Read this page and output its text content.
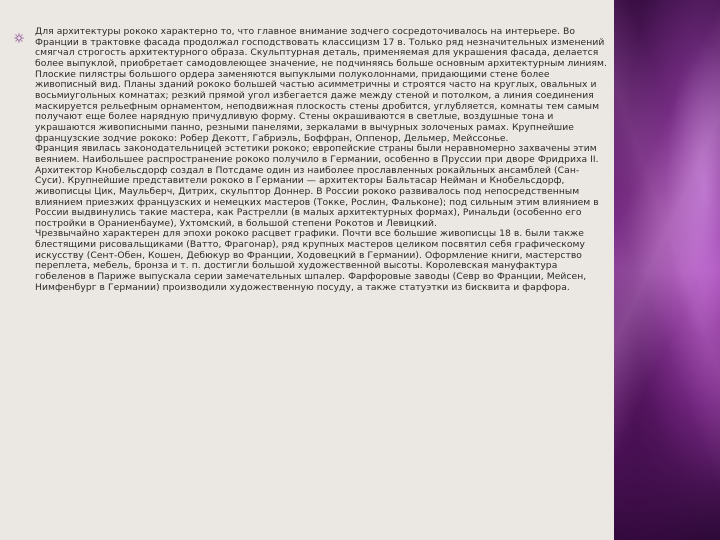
Для архитектуры рококо характерно то, что главное внимание зодчего сосредоточивалось на интерьере. Во Франции в трактовке фасада продолжал господствовать классицизм 17 в. Только ряд незначительных изменений смягчал строгость архитектурного образа. Скульптурная деталь, применяемая для украшения фасада, делается более выпуклой, приобретает самодовлеющее значение, не подчиняясь больше основным архитектурным линиям. Плоские пилястры большого ордера заменяются выпуклыми полуколоннами, придающими стене более живописный вид. Планы зданий рококо большей частью асимметричны и строятся часто на круглых, овальных и восьмиугольных комнатах; резкий прямой угол избегается даже между стеной и потолком, а линия соединения маскируется рельефным орнаментом, неподвижная плоскость стены дробится, углубляется, комнаты тем самым получают еще более нарядную причудливую форму. Стены окрашиваются в светлые, воздушные тона и украшаются живописными панно, резными панелями, зеркалами в вычурных золоченых рамах. Крупнейшие французские зодчие рококо: Робер Декотт, Габриэль, Боффран, Оппенор, Дельмер, Мейссонье.

Франция явилась законодательницей эстетики рококо; европейские страны были неравномерно захвачены этим веянием. Наибольшее распространение рококо получило в Германии, особенно в Пруссии при дворе Фридриха II. Архитектор Кнобельсдорф создал в Потсдаме один из наиболее прославленных рокайльных ансамблей (Сан-Суси). Крупнейшие представители рококо в Германии — архитекторы Бальтасар Нейман и Кнобельсдорф, живописцы Цик, Маульберч, Дитрих, скульптор Доннер. В России рококо развивалось под непосредственным влиянием приезжих французских и немецких мастеров (Токке, Рослин, Фальконе); под сильным этим влиянием в России выдвинулись такие мастера, как Растрелли (в малых архитектурных формах), Ринальди (особенно его постройки в Ораниенбауме), Ухтомский, в большой степени Рокотов и Левицкий.

Чрезвычайно характерен для эпохи рококо расцвет графики. Почти все большие живописцы 18 в. были также блестящими рисовальщиками (Ватто, Фрагонар), ряд крупных мастеров целиком посвятил себя графическому искусству (Сент-Обен, Кошен, Дебюкур во Франции, Ходовецкий в Германии). Оформление книги, мастерство переплета, мебель, бронза и т. п. достигли большой художественной высоты. Королевская мануфактура гобеленов в Париже выпускала серии замечательных шпалер. Фарфоровые заводы (Севр во Франции, Мейсен, Нимфенбург в Германии) производили художественную посуду, а также статуэтки из бисквита и фарфора.
